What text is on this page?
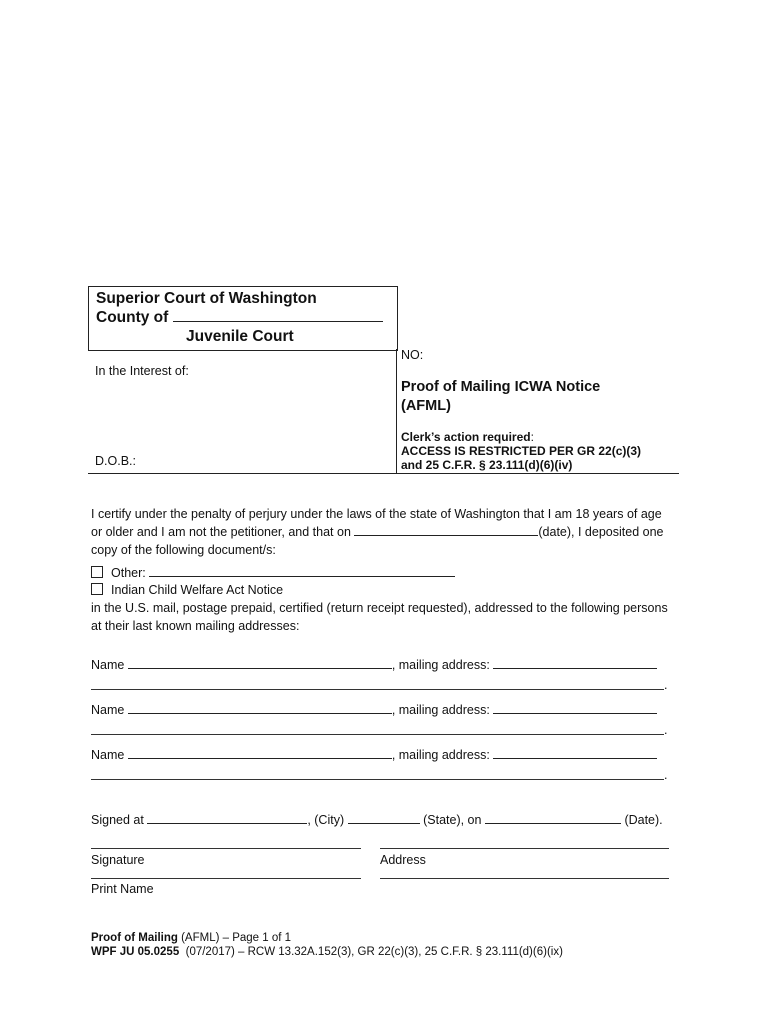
Superior Court of Washington
County of
Juvenile Court
In the Interest of:
D.O.B.:
NO:
Proof of Mailing ICWA Notice
(AFML)
Clerk’s action required:
ACCESS IS RESTRICTED PER GR 22(c)(3)
and 25 C.F.R. § 23.111(d)(6)(iv)
I certify under the penalty of perjury under the laws of the state of Washington that I am 18 years of age
or older and I am not the petitioner, and that on	(date), I deposited one
copy of the following document/s:
Other:
Indian Child Welfare Act Notice
in the U.S. mail, postage prepaid, certified (return receipt requested), addressed to the following persons
at their last known mailing addresses:
Name	, mailing address:
.
Name	, mailing address:
.
Name	, mailing address:
.
Signed at	, (City)	(State), on	(Date).
Signature	Address
Print Name
Proof of Mailing (AFML) – Page 1 of 1
WPF JU 05.0255  (07/2017) – RCW 13.32A.152(3), GR 22(c)(3), 25 C.F.R. § 23.111(d)(6)(ix)
